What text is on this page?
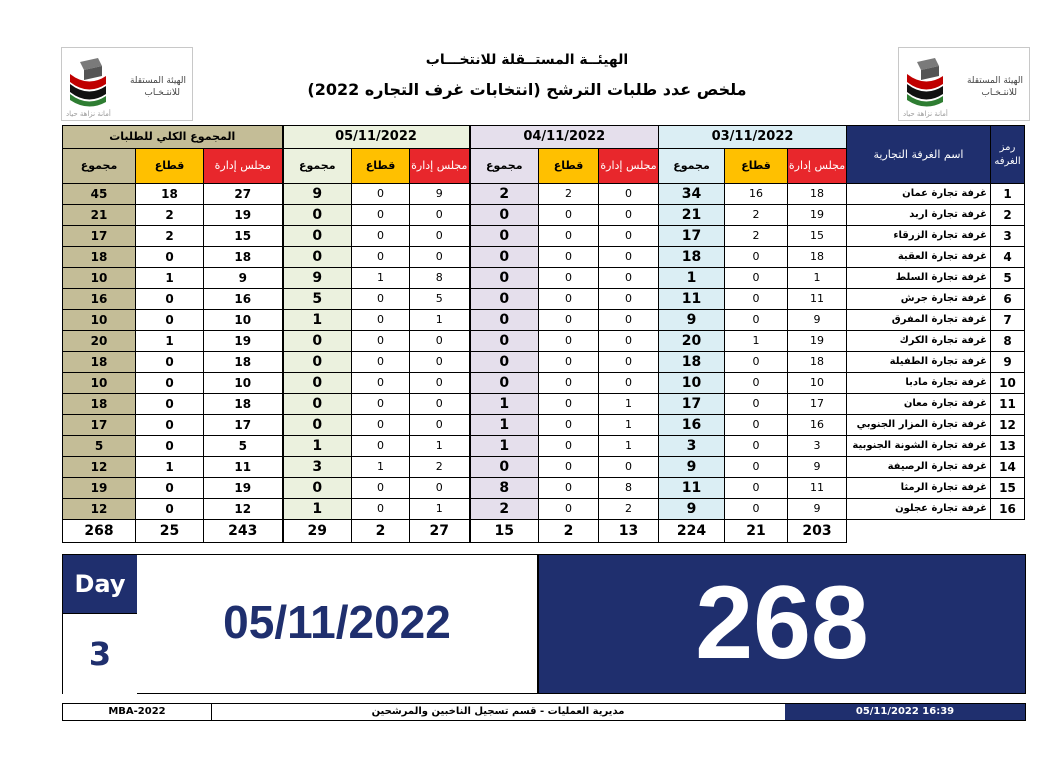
الهيئة المستقلة
للانتـخـاب
أمانة نزاهة حياد
الهيئة المستقلة
للانتـخـاب
أمانة نزاهة حياد
الهيئــة المستــقلة للانتخـــاب
ملخص عدد طلبات الترشح (انتخابات غرف التجاره 2022)
المجموع الكلي للطلبات			05/11/2022			04/11/2022			03/11/2022			اسم الغرفة التجارية	رمز الغرفه
مجموع	قطاع	مجلس إدارة	مجموع	قطاع	مجلس إدارة	مجموع	قطاع	مجلس إدارة	مجموع	قطاع	مجلس إدارة		
45	18	27	9	0	9	2	2	0	34	16	18	غرفة تجارة عمان	1
21	2	19	0	0	0	0	0	0	21	2	19	غرفة تجارة اربد	2
17	2	15	0	0	0	0	0	0	17	2	15	غرفة تجارة الزرقاء	3
18	0	18	0	0	0	0	0	0	18	0	18	غرفة تجارة العقبة	4
10	1	9	9	1	8	0	0	0	1	0	1	غرفة تجارة السلط	5
16	0	16	5	0	5	0	0	0	11	0	11	غرفة تجارة جرش	6
10	0	10	1	0	1	0	0	0	9	0	9	غرفة تجارة المفرق	7
20	1	19	0	0	0	0	0	0	20	1	19	غرفة تجارة الكرك	8
18	0	18	0	0	0	0	0	0	18	0	18	غرفة تجارة الطفيلة	9
10	0	10	0	0	0	0	0	0	10	0	10	غرفة تجارة مادبا	10
18	0	18	0	0	0	1	0	1	17	0	17	غرفة تجارة معان	11
17	0	17	0	0	0	1	0	1	16	0	16	غرفة تجارة المزار الجنوبي	12
5	0	5	1	0	1	1	0	1	3	0	3	غرفة تجارة الشونة الجنوبية	13
12	1	11	3	1	2	0	0	0	9	0	9	غرفة تجارة الرصيفة	14
19	0	19	0	0	0	8	0	8	11	0	11	غرفة تجارة الرمثا	15
12	0	12	1	0	1	2	0	2	9	0	9	غرفة تجارة عجلون	16
268	25	243	29	2	27	15	2	13	224	21	203		
Day
3
05/11/2022	268
MBA-2022	مديرية العمليات - قسم تسجيل الناخبين والمرشحين	05/11/2022 16:39
